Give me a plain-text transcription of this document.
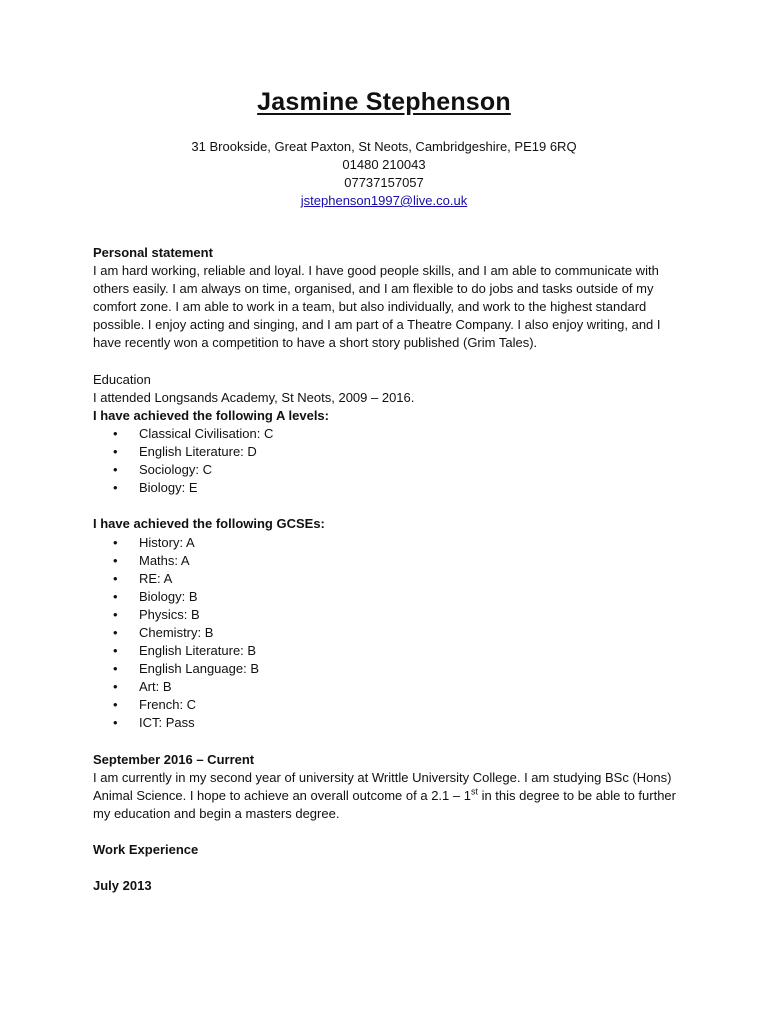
Jasmine Stephenson
31 Brookside, Great Paxton, St Neots, Cambridgeshire, PE19 6RQ
01480 210043
07737157057
jstephenson1997@live.co.uk

Personal statement

I am hard working, reliable and loyal. I have good people skills, and I am able to communicate with others easily. I am always on time, organised, and I am flexible to do jobs and tasks outside of my comfort zone. I am able to work in a team, but also individually, and work to the highest standard possible. I enjoy acting and singing, and I am part of a Theatre Company. I also enjoy writing, and I have recently won a competition to have a short story published (Grim Tales).

Education

I attended Longsands Academy, St Neots, 2009 – 2016.

I have achieved the following A levels:

• Classical Civilisation: C
• English Literature: D
• Sociology: C
• Biology: E

I have achieved the following GCSEs:

• History: A
• Maths: A
• RE: A
• Biology: B
• Physics: B
• Chemistry: B
• English Literature: B
• English Language: B
• Art: B
• French: C
• ICT: Pass

September 2016 – Current

I am currently in my second year of university at Writtle University College. I am studying BSc (Hons) Animal Science. I hope to achieve an overall outcome of a 2.1 – 1st in this degree to be able to further my education and begin a masters degree.

Work Experience

July 2013
